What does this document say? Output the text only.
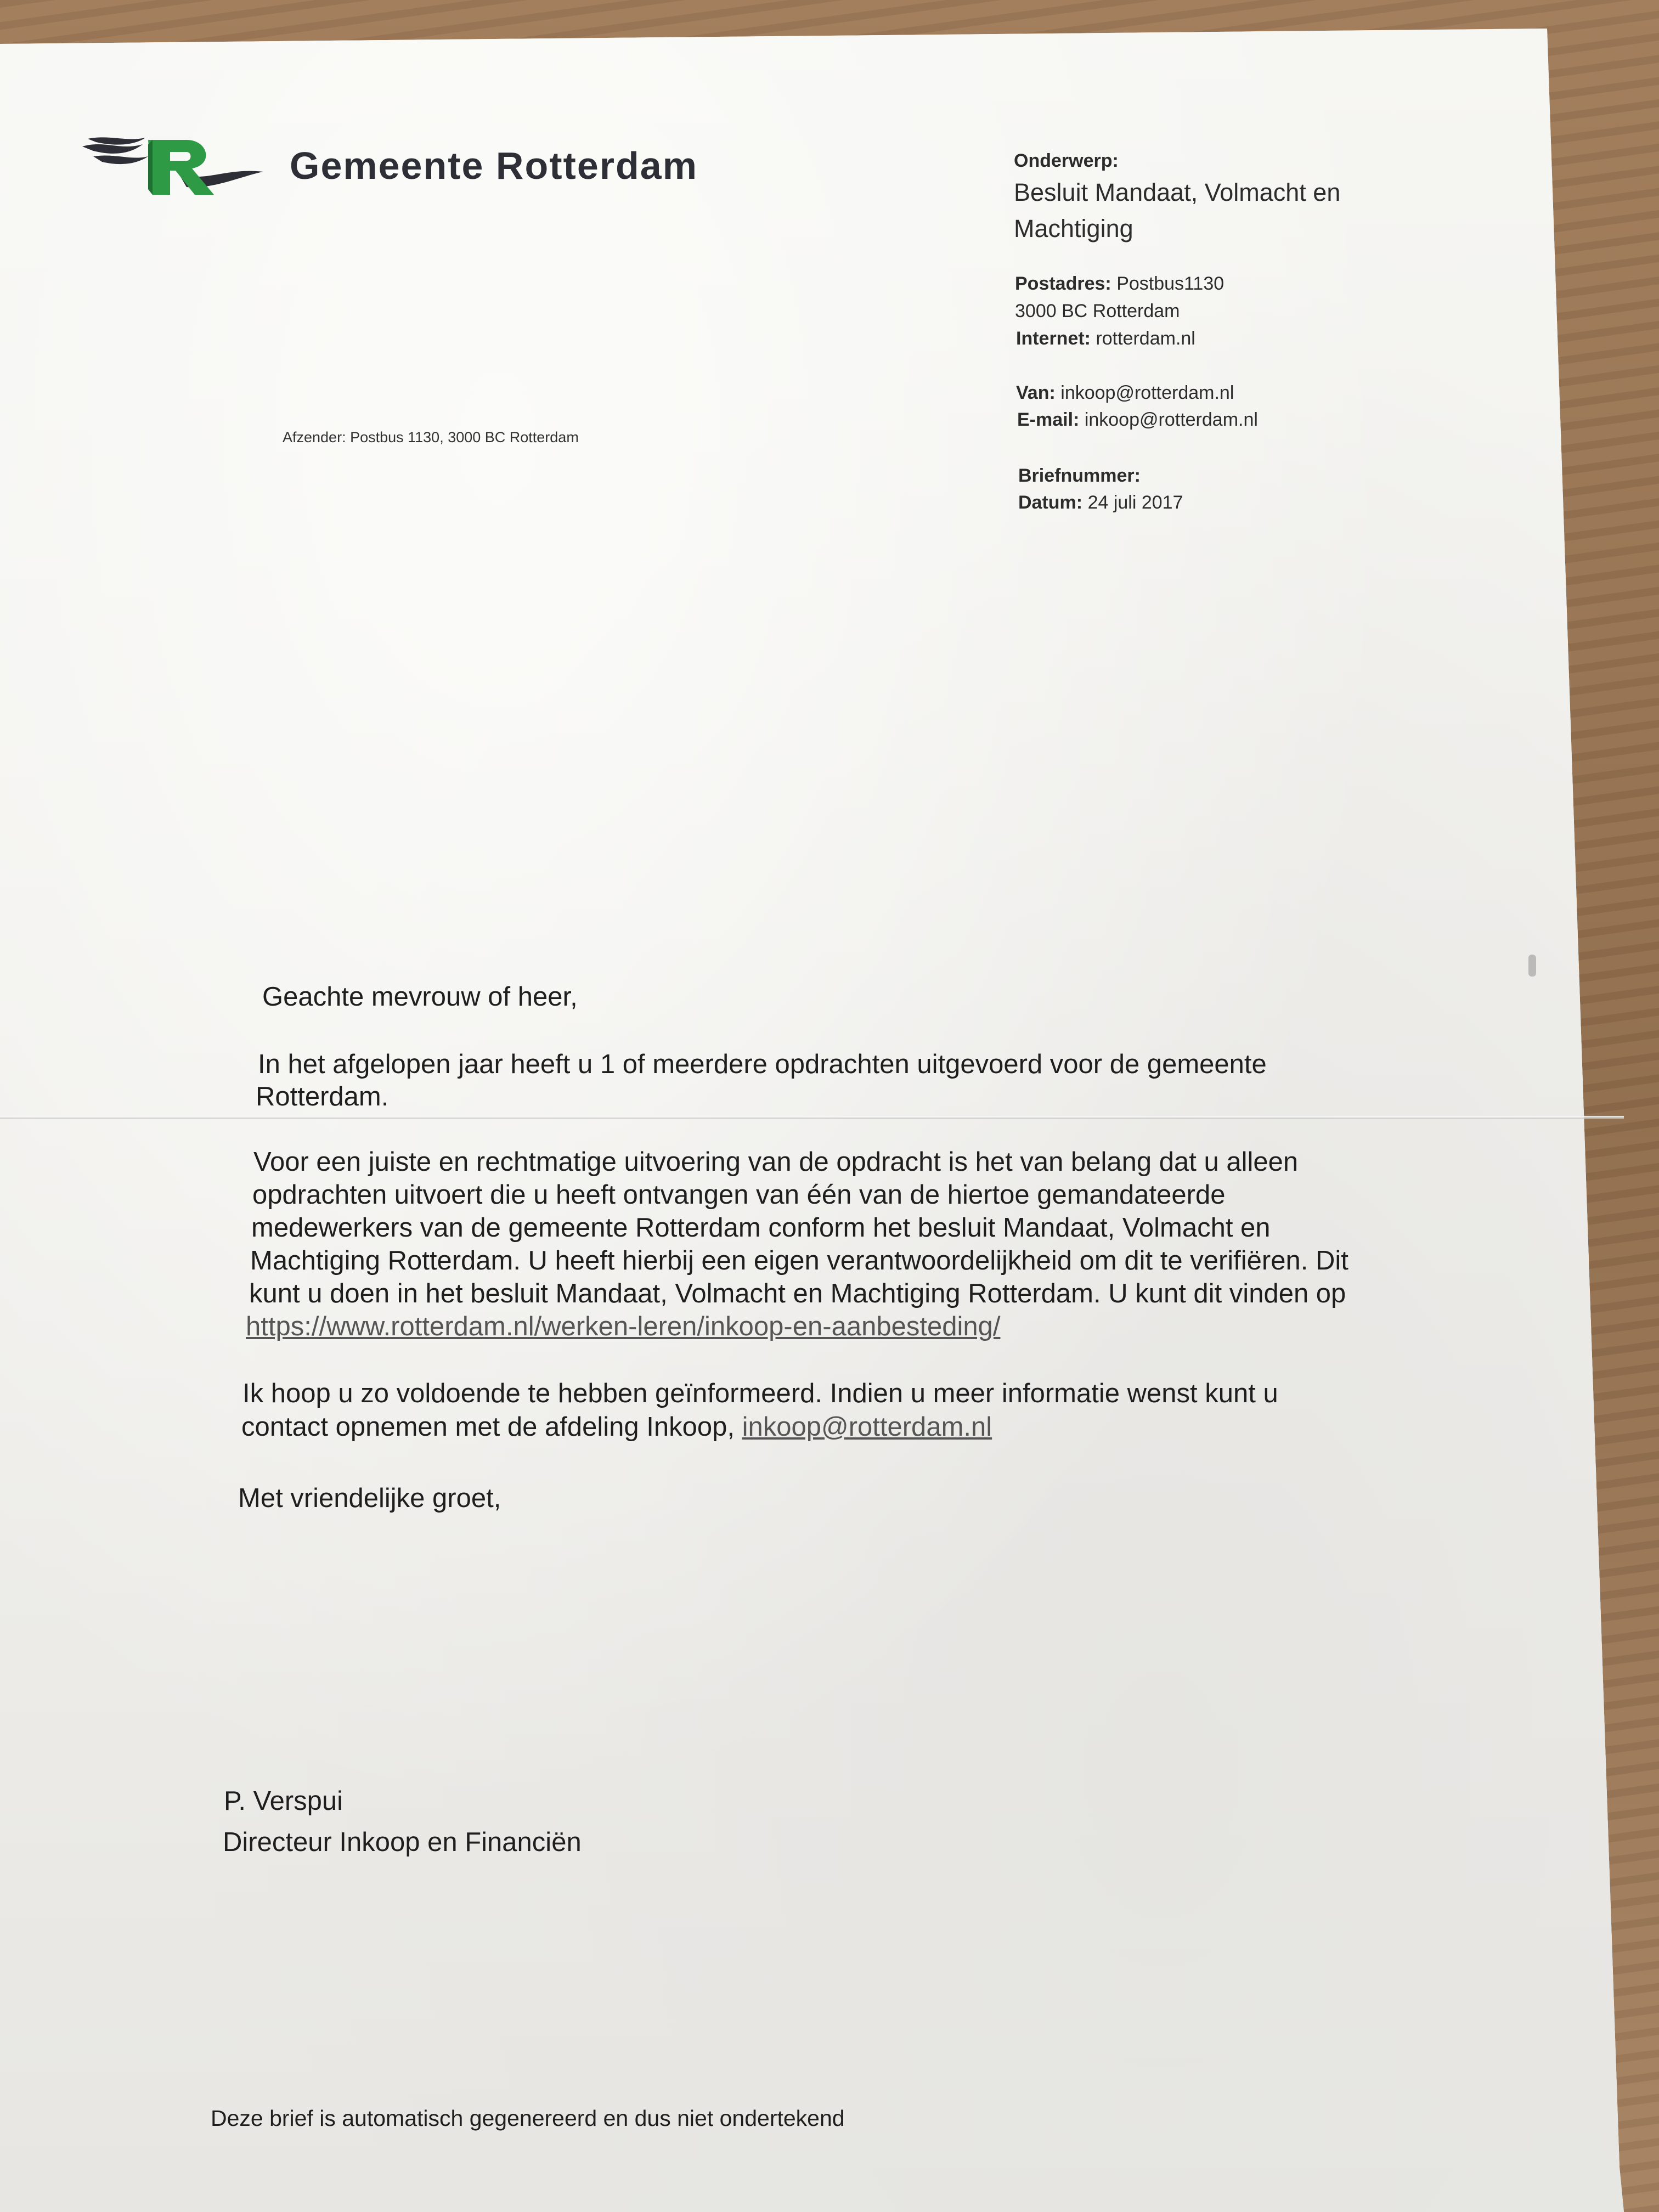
Gemeente Rotterdam
Afzender: Postbus 1130, 3000 BC Rotterdam
Onderwerp:
Besluit Mandaat, Volmacht en
Machtiging
Postadres: Postbus1130
3000 BC Rotterdam
Internet: rotterdam.nl
Van: inkoop@rotterdam.nl
E-mail: inkoop@rotterdam.nl
Briefnummer:
Datum: 24 juli 2017
Geachte mevrouw of heer,
In het afgelopen jaar heeft u 1 of meerdere opdrachten uitgevoerd voor de gemeente
Rotterdam.
Voor een juiste en rechtmatige uitvoering van de opdracht is het van belang dat u alleen
opdrachten uitvoert die u heeft ontvangen van één van de hiertoe gemandateerde
medewerkers van de gemeente Rotterdam conform het besluit Mandaat, Volmacht en
Machtiging Rotterdam. U heeft hierbij een eigen verantwoordelijkheid om dit te verifiëren. Dit
kunt u doen in het besluit Mandaat, Volmacht en Machtiging Rotterdam. U kunt dit vinden op
https://www.rotterdam.nl/werken-leren/inkoop-en-aanbesteding/
Ik hoop u zo voldoende te hebben geïnformeerd. Indien u meer informatie wenst kunt u
contact opnemen met de afdeling Inkoop, inkoop@rotterdam.nl
Met vriendelijke groet,
P. Verspui
Directeur Inkoop en Financiën
Deze brief is automatisch gegenereerd en dus niet ondertekend
